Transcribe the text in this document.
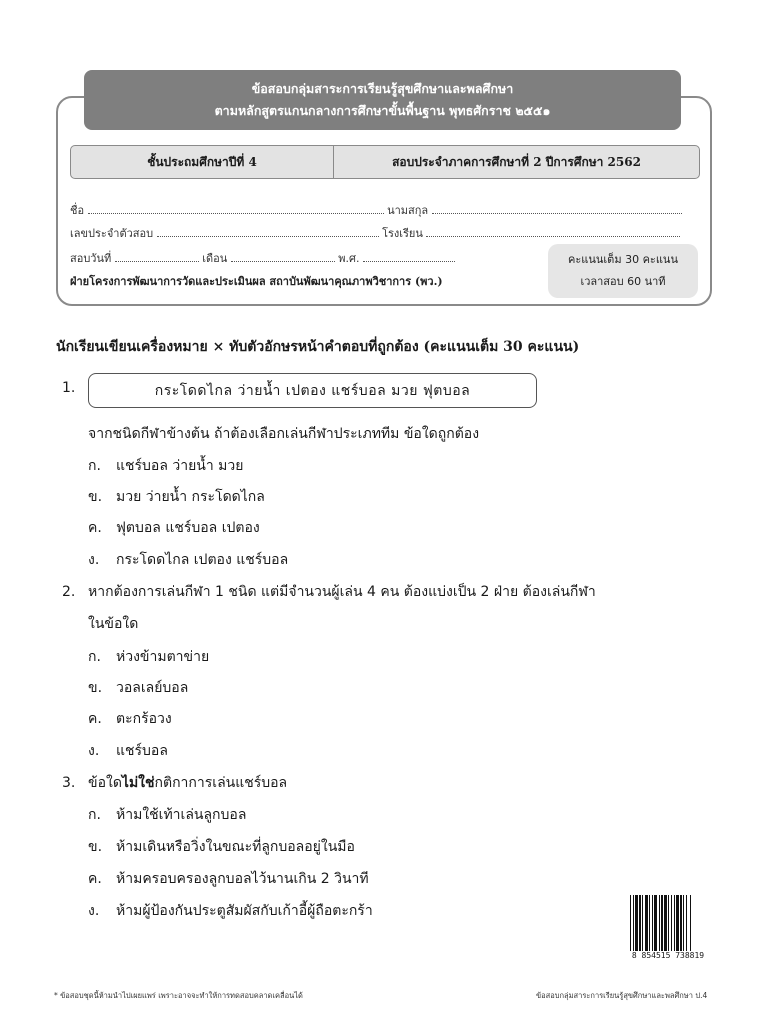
ข้อสอบกลุ่มสาระการเรียนรู้สุขศึกษาและพลศึกษา
ตามหลักสูตรแกนกลางการศึกษาขั้นพื้นฐาน พุทธศักราช ๒๕๕๑
ชั้นประถมศึกษาปีที่ 4	สอบประจำภาคการศึกษาที่ 2 ปีการศึกษา 2562
ชื่อ	นามสกุล
เลขประจำตัวสอบ	โรงเรียน
สอบวันที่	เดือน	พ.ศ.
ฝ่ายโครงการพัฒนาการวัดและประเมินผล สถาบันพัฒนาคุณภาพวิชาการ (พว.)
คะแนนเต็ม 30 คะแนน
เวลาสอบ 60 นาที
นักเรียนเขียนเครื่องหมาย × ทับตัวอักษรหน้าคำตอบที่ถูกต้อง (คะแนนเต็ม 30 คะแนน)
1.	กระโดดไกล ว่ายน้ำ เปตอง แชร์บอล มวย ฟุตบอล
จากชนิดกีฬาข้างต้น ถ้าต้องเลือกเล่นกีฬาประเภททีม ข้อใดถูกต้อง
ก. แชร์บอล ว่ายน้ำ มวย
ข. มวย ว่ายน้ำ กระโดดไกล
ค. ฟุตบอล แชร์บอล เปตอง
ง. กระโดดไกล เปตอง แชร์บอล
2. หากต้องการเล่นกีฬา 1 ชนิด แต่มีจำนวนผู้เล่น 4 คน ต้องแบ่งเป็น 2 ฝ่าย ต้องเล่นกีฬา
ในข้อใด
ก. ห่วงข้ามตาข่าย
ข. วอลเลย์บอล
ค. ตะกร้อวง
ง. แชร์บอล
3. ข้อใดไม่ใช่กติกาการเล่นแชร์บอล
ก. ห้ามใช้เท้าเล่นลูกบอล
ข. ห้ามเดินหรือวิ่งในขณะที่ลูกบอลอยู่ในมือ
ค. ห้ามครอบครองลูกบอลไว้นานเกิน 2 วินาที
ง. ห้ามผู้ป้องกันประตูสัมผัสกับเก้าอี้ผู้ถือตะกร้า
8 854515 738819
* ข้อสอบชุดนี้ห้ามนำไปเผยแพร่ เพราะอาจจะทำให้การทดสอบคลาดเคลื่อนได้	ข้อสอบกลุ่มสาระการเรียนรู้สุขศึกษาและพลศึกษา ป.4
